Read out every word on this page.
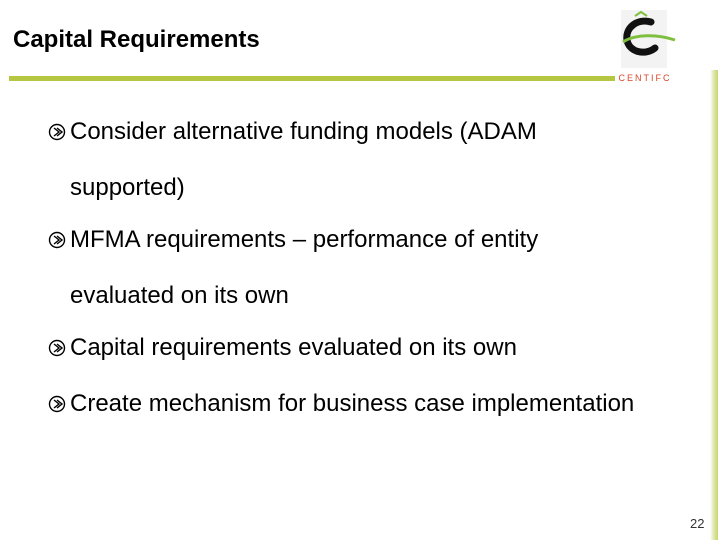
Capital Requirements
CENTIFC
Consider alternative funding models (ADAM supported)
MFMA requirements – performance of entity evaluated on its own
Capital requirements evaluated on its own
Create mechanism for business case implementation
22
